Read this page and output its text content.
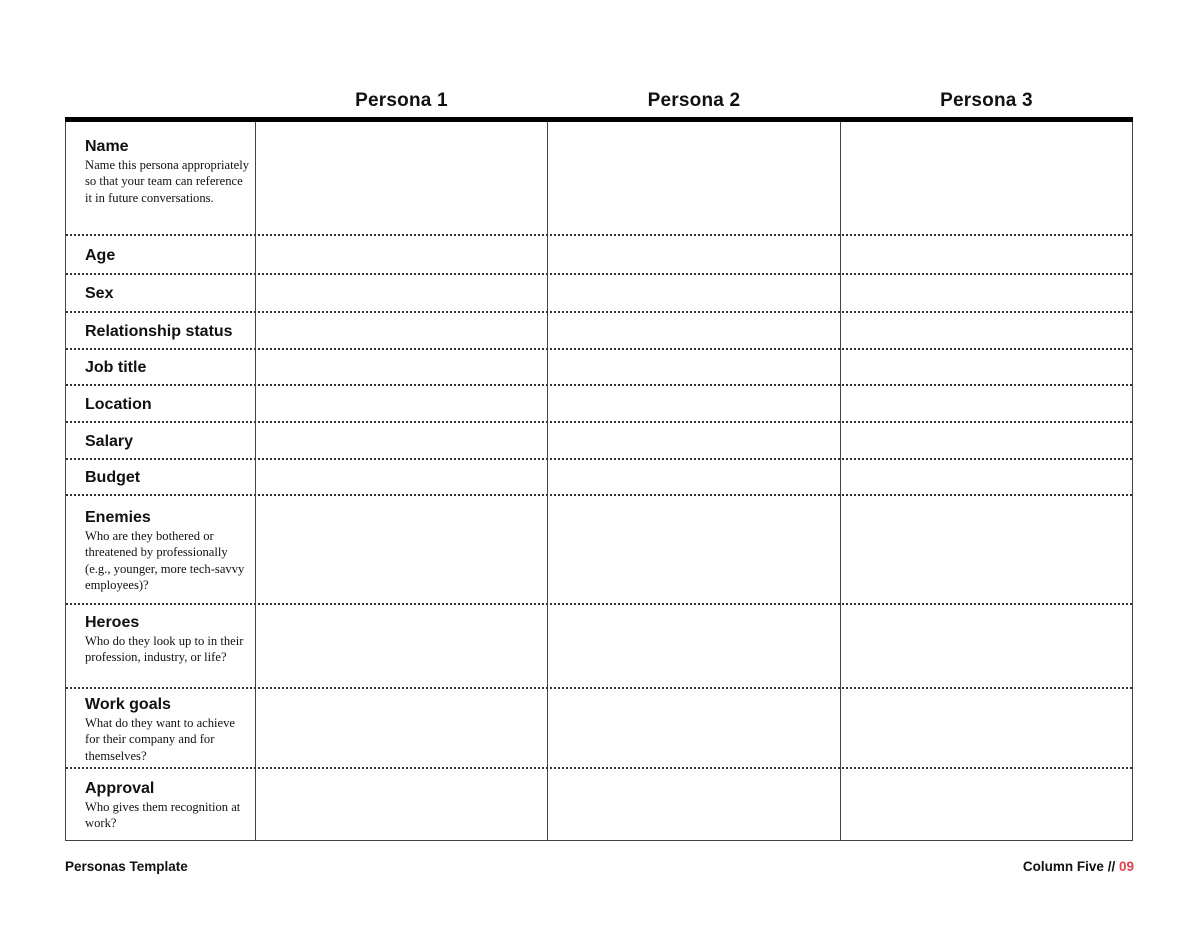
Persona 1	Persona 2	Persona 3
Name
Name this persona appropriately so that your team can reference it in future conversations.
Age
Sex
Relationship status
Job title
Location
Salary
Budget
Enemies
Who are they bothered or threatened by professionally (e.g., younger, more tech-savvy employees)?
Heroes
Who do they look up to in their profession, industry, or life?
Work goals
What do they want to achieve for their company and for themselves?
Approval
Who gives them recognition at work?
Personas Template	Column Five // 09
